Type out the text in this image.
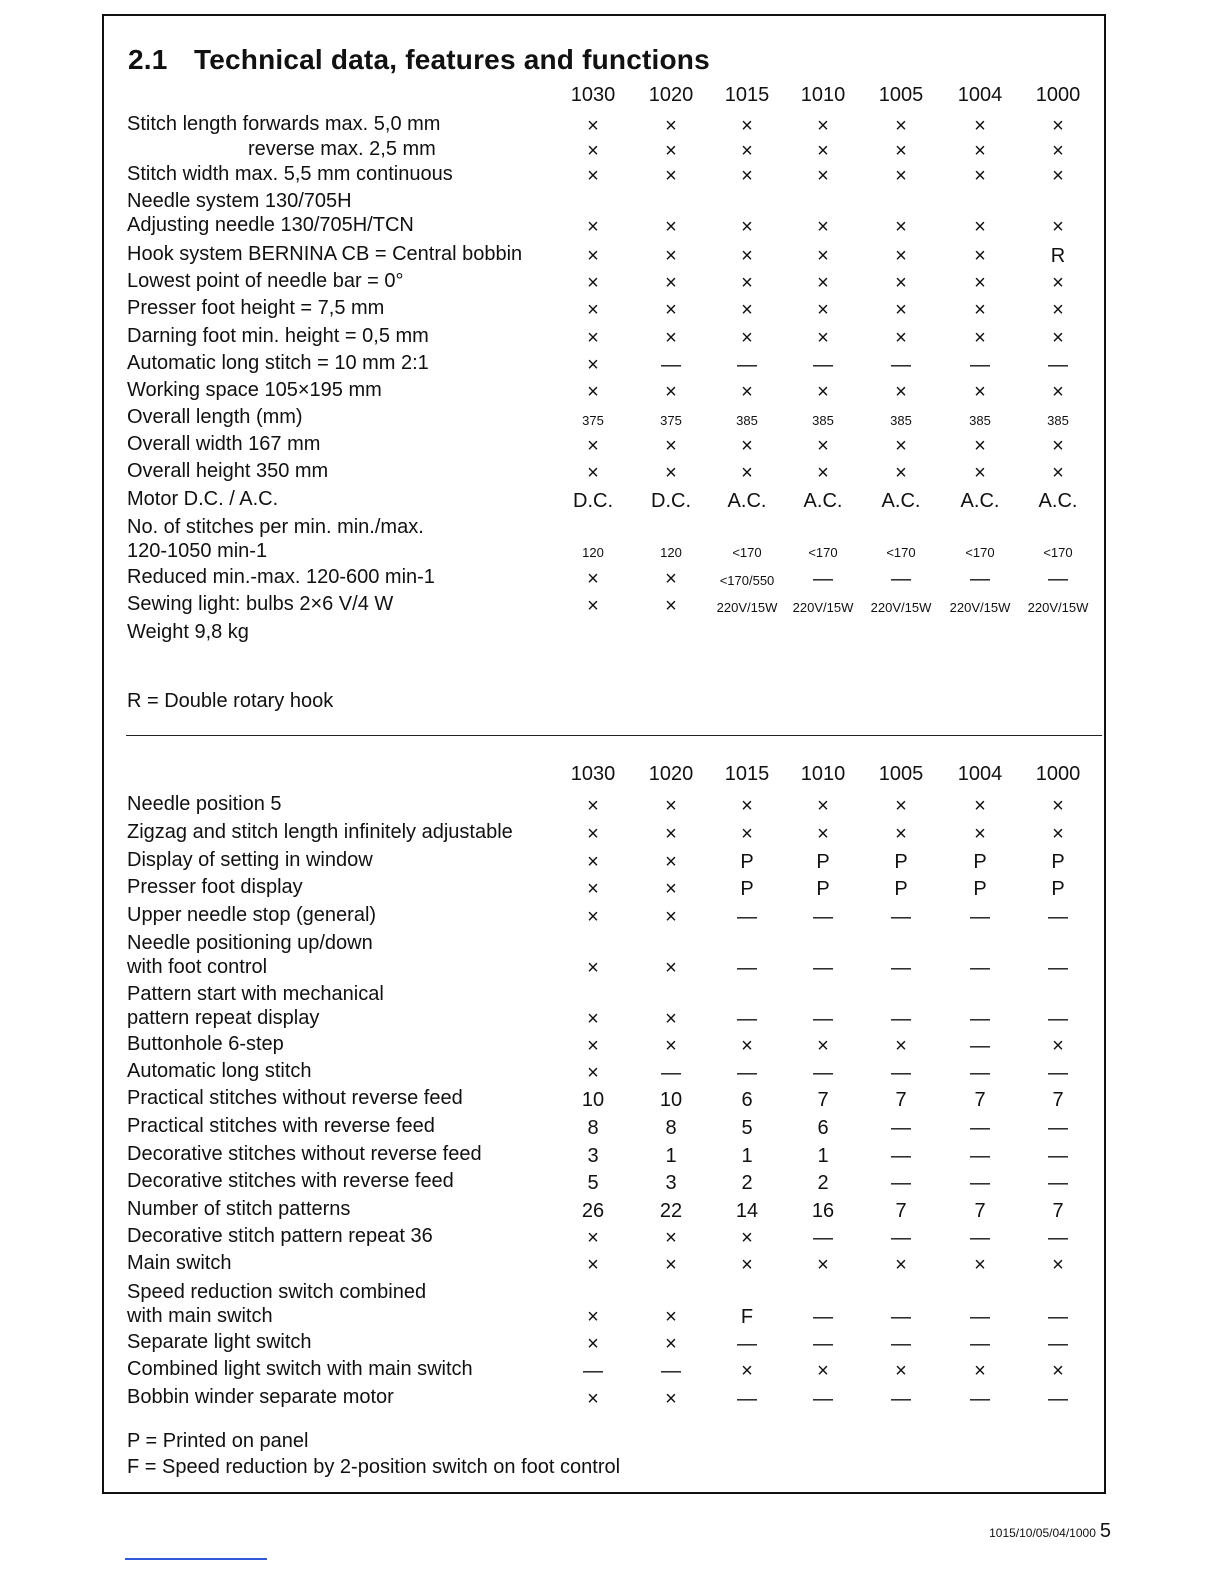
2.1 Technical data, features and functions
1030	1020	1015	1010	1005	1004	1000
Stitch length forwards max. 5,0 mm	×	×	×	×	×	×	×
reverse max. 2,5 mm	×	×	×	×	×	×	×
Stitch width max. 5,5 mm continuous	×	×	×	×	×	×	×
Needle system 130/705H
Adjusting needle 130/705H/TCN	×	×	×	×	×	×	×
Hook system BERNINA CB = Central bobbin	×	×	×	×	×	×	R
Lowest point of needle bar = 0°	×	×	×	×	×	×	×
Presser foot height = 7,5 mm	×	×	×	×	×	×	×
Darning foot min. height = 0,5 mm	×	×	×	×	×	×	×
Automatic long stitch = 10 mm 2:1	×	—	—	—	—	—	—
Working space 105×195 mm	×	×	×	×	×	×	×
Overall length (mm)	375	375	385	385	385	385	385
Overall width 167 mm	×	×	×	×	×	×	×
Overall height 350 mm	×	×	×	×	×	×	×
Motor D.C. / A.C.	D.C.	D.C.	A.C.	A.C.	A.C.	A.C.	A.C.
No. of stitches per min. min./max.
120-1050 min-1	120	120	<170	<170	<170	<170	<170
Reduced min.-max. 120-600 min-1	×	×	<170/550	—	—	—	—
Sewing light: bulbs 2×6 V/4 W	×	×	220V/15W	220V/15W	220V/15W	220V/15W	220V/15W
Weight 9,8 kg
1030	1020	1015	1010	1005	1004	1000
Needle position 5	×	×	×	×	×	×	×
Zigzag and stitch length infinitely adjustable	×	×	×	×	×	×	×
Display of setting in window	×	×	P	P	P	P	P
Presser foot display	×	×	P	P	P	P	P
Upper needle stop (general)	×	×	—	—	—	—	—
Needle positioning up/down
with foot control	×	×	—	—	—	—	—
Pattern start with mechanical
pattern repeat display	×	×	—	—	—	—	—
Buttonhole 6-step	×	×	×	×	×	—	×
Automatic long stitch	×	—	—	—	—	—	—
Practical stitches without reverse feed	10	10	6	7	7	7	7
Practical stitches with reverse feed	8	8	5	6	—	—	—
Decorative stitches without reverse feed	3	1	1	1	—	—	—
Decorative stitches with reverse feed	5	3	2	2	—	—	—
Number of stitch patterns	26	22	14	16	7	7	7
Decorative stitch pattern repeat 36	×	×	×	—	—	—	—
Main switch	×	×	×	×	×	×	×
Speed reduction switch combined
with main switch	×	×	F	—	—	—	—
Separate light switch	×	×	—	—	—	—	—
Combined light switch with main switch	—	—	×	×	×	×	×
Bobbin winder separate motor	×	×	—	—	—	—	—
R = Double rotary hook
P = Printed on panel
F = Speed reduction by 2-position switch on foot control
1015/10/05/04/1000 5
